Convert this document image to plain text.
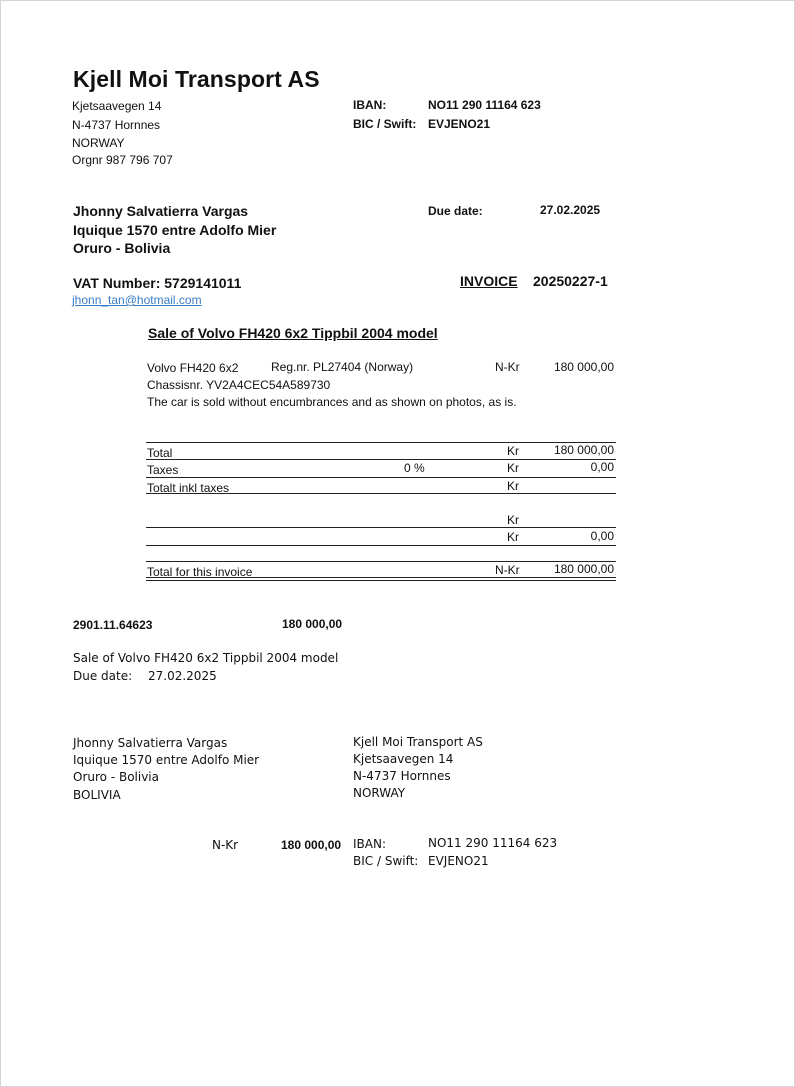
Kjell Moi Transport AS
Kjetsaavegen 14
N-4737 Hornnes
NORWAY
Orgnr 987 796 707
IBAN:	NO11 290 11164 623
BIC / Swift: EVJENO21
Jhonny Salvatierra Vargas
Iquique 1570 entre Adolfo Mier
Oruro - Bolivia
Due date:	27.02.2025
VAT Number: 5729141011
jhonn_tan@hotmail.com
INVOICE 20250227-1
Sale of Volvo FH420 6x2 Tippbil 2004 model
Volvo FH420 6x2	Reg.nr. PL27404 (Norway)	N-Kr	180 000,00
Chassisnr. YV2A4CEC54A589730
The car is sold without encumbrances and as shown on photos, as is.
Total	Kr	180 000,00
Taxes	0 %	Kr	0,00
Totalt inkl taxes	Kr
Kr
Kr	0,00
Total for this invoice	N-Kr	180 000,00
2901.11.64623	180 000,00
Sale of Volvo FH420 6x2 Tippbil 2004 model
Due date: 27.02.2025
Jhonny Salvatierra Vargas
Iquique 1570 entre Adolfo Mier
Oruro - Bolivia
BOLIVIA
Kjell Moi Transport AS
Kjetsaavegen 14
N-4737 Hornnes
NORWAY
N-Kr	180 000,00 IBAN:	NO11 290 11164 623
BIC / Swift: EVJENO21
